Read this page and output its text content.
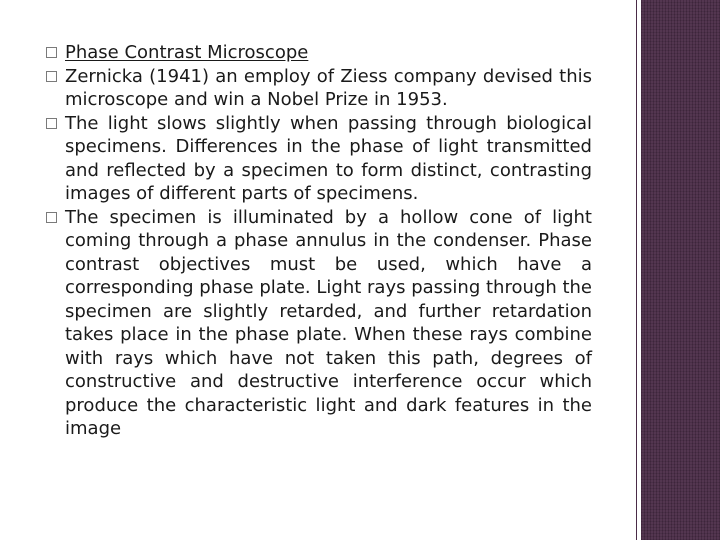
Phase Contrast Microscope
Zernicka (1941) an employ of Ziess company devised this microscope and win a Nobel Prize in 1953.
The light slows slightly when passing through biological specimens. Differences in the phase of light transmitted and reflected by a specimen to form distinct, contrasting images of different parts of specimens.
The specimen is illuminated by a hollow cone of light coming through a phase annulus in the condenser. Phase contrast objectives must be used, which have a corresponding phase plate. Light rays passing through the specimen are slightly retarded, and further retardation takes place in the phase plate. When these rays combine with rays which have not taken this path, degrees of constructive and destructive interference occur which produce the characteristic light and dark features in the image
